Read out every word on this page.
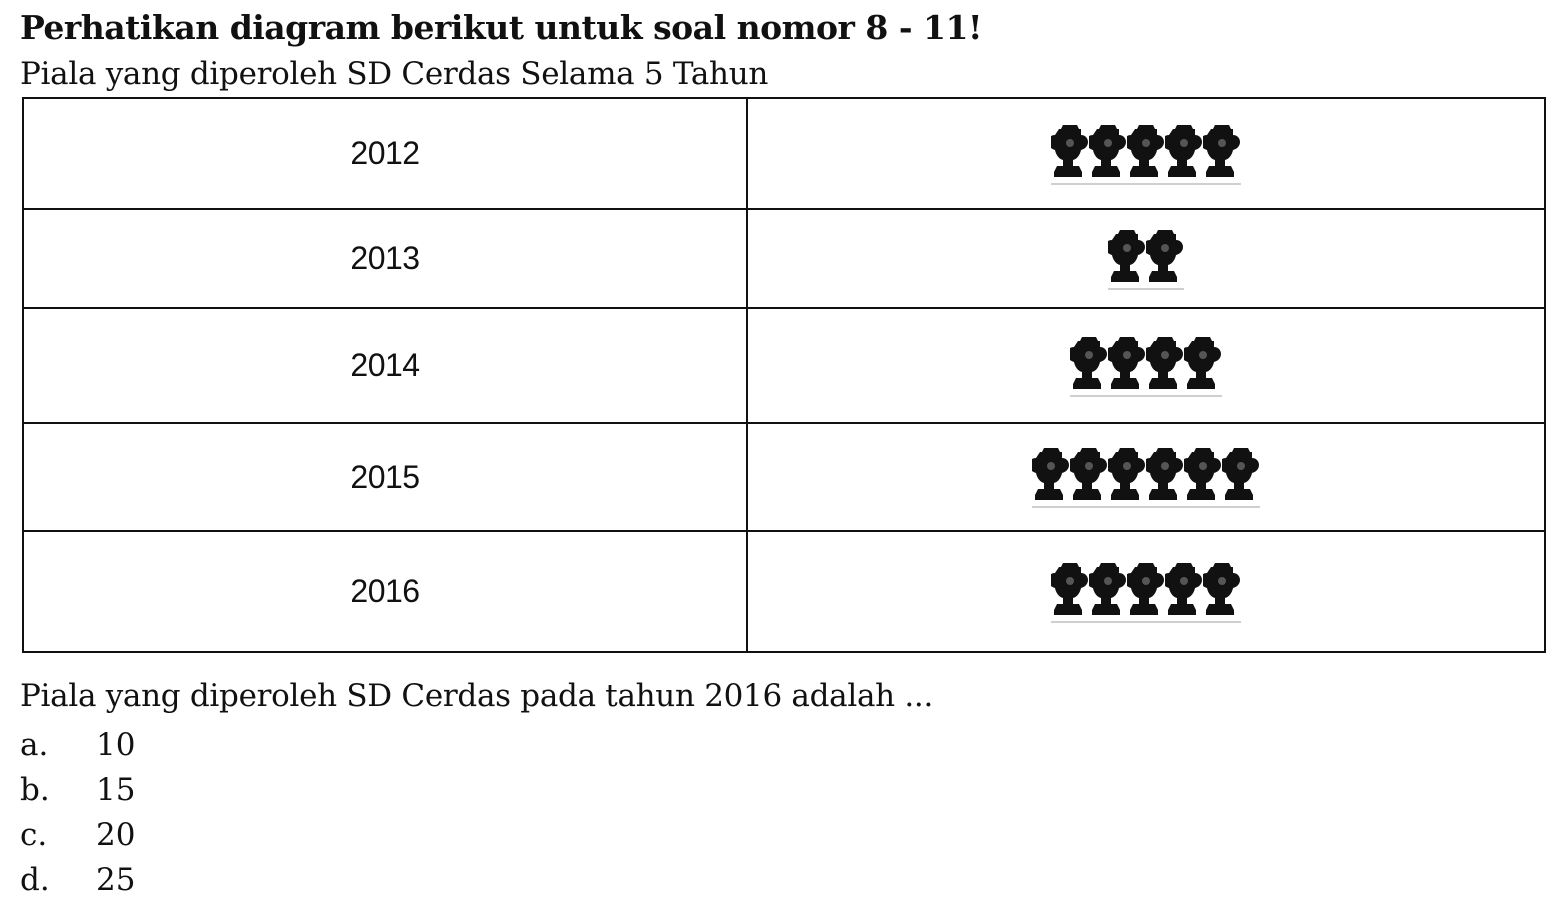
Perhatikan diagram berikut untuk soal nomor 8 - 11!
Piala yang diperoleh SD Cerdas Selama 5 Tahun
2012	

2013	

2014	

2015	

2016	
Piala yang diperoleh SD Cerdas pada tahun 2016 adalah ...
a.	10
b.	15
c.	20
d.	25
